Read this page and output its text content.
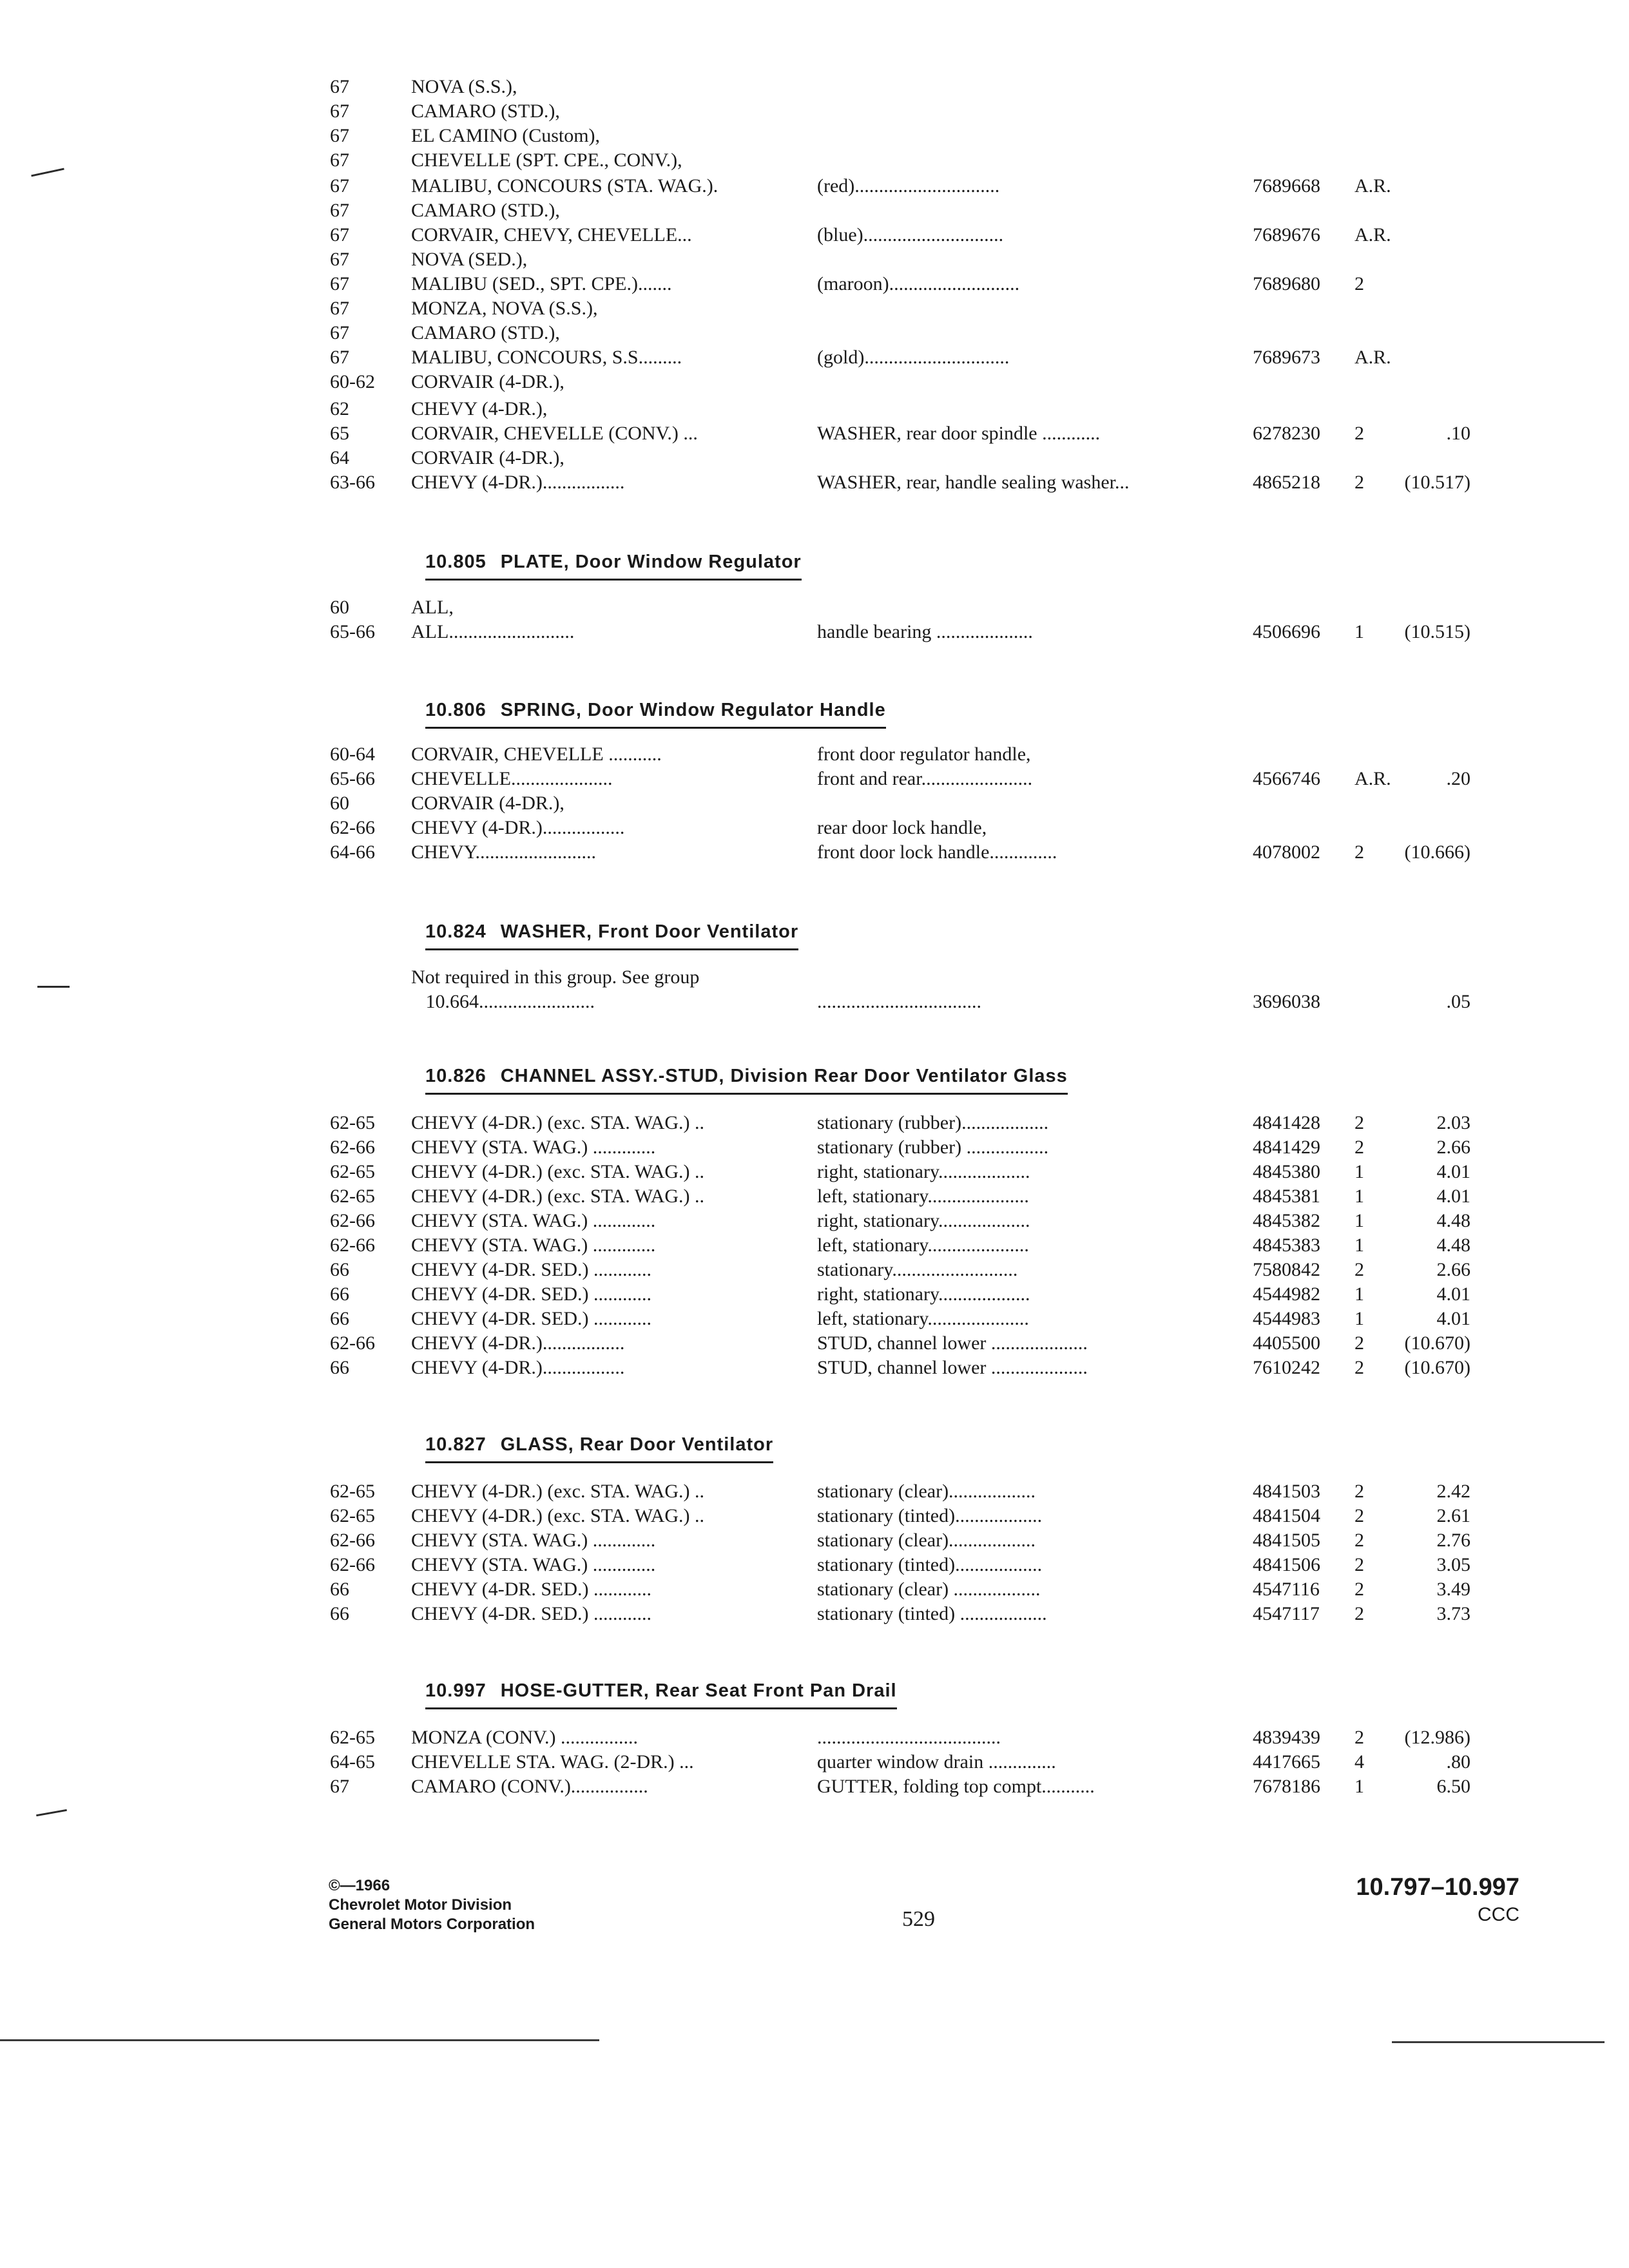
67	NOVA (S.S.),
67	CAMARO (STD.),
67	EL CAMINO (Custom),
67	CHEVELLE (SPT. CPE., CONV.),
67	MALIBU, CONCOURS (STA. WAG.).	(red)..............................	7689668 A.R.
67	CAMARO (STD.),
67	CORVAIR, CHEVY, CHEVELLE...	(blue).............................	7689676 A.R.
67	NOVA (SED.),
67	MALIBU (SED., SPT. CPE.).......	(maroon)...........................	7689680 2
67	MONZA, NOVA (S.S.),
67	CAMARO (STD.),
67	MALIBU, CONCOURS, S.S.........	(gold)..............................	7689673 A.R.
60-62 CORVAIR (4-DR.),
62	CHEVY (4-DR.),
65	CORVAIR, CHEVELLE (CONV.) ...	WASHER, rear door spindle ............	6278230 2	.10
64	CORVAIR (4-DR.),
63-66 CHEVY (4-DR.).................	WASHER, rear, handle sealing washer...	4865218 2	(10.517)
10.805 PLATE, Door Window Regulator
60	ALL,
65-66 ALL..........................	handle bearing ....................	4506696 1	(10.515)
10.806 SPRING, Door Window Regulator Handle
60-64 CORVAIR, CHEVELLE ...........	front door regulator handle,
65-66 CHEVELLE.....................	front and rear.......................	4566746 A.R.	.20
60	CORVAIR (4-DR.),
62-66 CHEVY (4-DR.).................	rear door lock handle,
64-66 CHEVY.........................	front door lock handle..............	4078002 2	(10.666)
10.824 WASHER, Front Door Ventilator
Not required in this group. See group
10.664........................	..................................	3696038	.05
10.826 CHANNEL ASSY.-STUD, Division Rear Door Ventilator Glass
62-65 CHEVY (4-DR.) (exc. STA. WAG.) ..	stationary (rubber)..................	4841428 2	2.03
62-66 CHEVY (STA. WAG.) .............	stationary (rubber) .................	4841429 2	2.66
62-65 CHEVY (4-DR.) (exc. STA. WAG.) ..	right, stationary...................	4845380 1	4.01
62-65 CHEVY (4-DR.) (exc. STA. WAG.) ..	left, stationary.....................	4845381 1	4.01
62-66 CHEVY (STA. WAG.) .............	right, stationary...................	4845382 1	4.48
62-66 CHEVY (STA. WAG.) .............	left, stationary.....................	4845383 1	4.48
66	CHEVY (4-DR. SED.) ............	stationary..........................	7580842 2	2.66
66	CHEVY (4-DR. SED.) ............	right, stationary...................	4544982 1	4.01
66	CHEVY (4-DR. SED.) ............	left, stationary.....................	4544983 1	4.01
62-66 CHEVY (4-DR.).................	STUD, channel lower ....................	4405500 2	(10.670)
66	CHEVY (4-DR.).................	STUD, channel lower ....................	7610242 2	(10.670)
10.827 GLASS, Rear Door Ventilator
62-65 CHEVY (4-DR.) (exc. STA. WAG.) ..	stationary (clear)..................	4841503 2	2.42
62-65 CHEVY (4-DR.) (exc. STA. WAG.) ..	stationary (tinted)..................	4841504 2	2.61
62-66 CHEVY (STA. WAG.) .............	stationary (clear)..................	4841505 2	2.76
62-66 CHEVY (STA. WAG.) .............	stationary (tinted)..................	4841506 2	3.05
66	CHEVY (4-DR. SED.) ............	stationary (clear) ..................	4547116 2	3.49
66	CHEVY (4-DR. SED.) ............	stationary (tinted) ..................	4547117 2	3.73
10.997 HOSE-GUTTER, Rear Seat Front Pan Drail
62-65 MONZA (CONV.) ................	......................................	4839439 2	(12.986)
64-65 CHEVELLE STA. WAG. (2-DR.) ...	quarter window drain ..............	4417665 4	.80
67	CAMARO (CONV.)................	GUTTER, folding top compt...........	7678186 1	6.50
©—1966
Chevrolet Motor Division
General Motors Corporation	529
10.797–10.997
CCC
